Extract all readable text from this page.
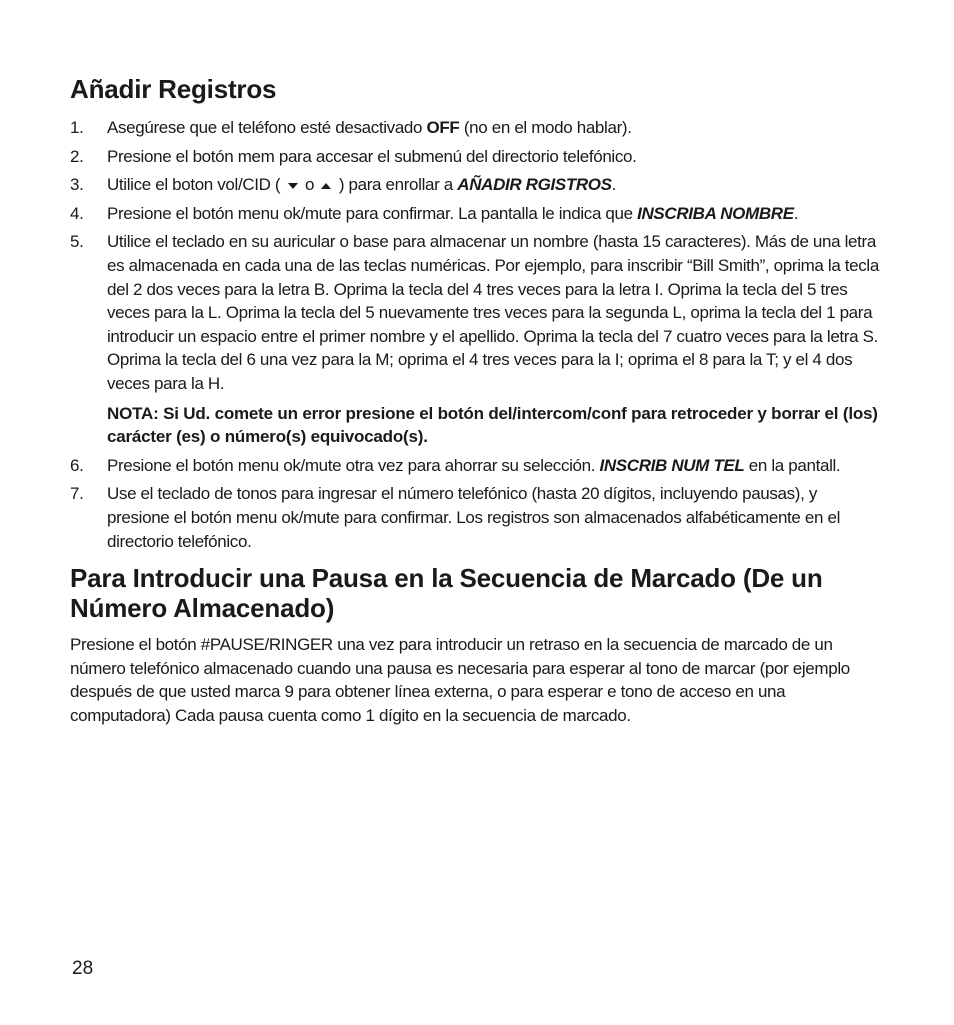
Añadir Registros
1. Asegúrese que el teléfono esté desactivado OFF (no en el modo hablar).
2. Presione el botón mem para accesar el submenú del directorio telefónico.
3. Utilice el boton vol/CID (  o  ) para enrollar a AÑADIR RGISTROS.
4. Presione el botón menu ok/mute para confirmar. La pantalla le indica que INSCRIBA NOMBRE.
5. Utilice el teclado en su auricular o base para almacenar un nombre (hasta 15 caracteres). Más de una letra es almacenada en cada una de las teclas numéricas. Por ejemplo, para inscribir “Bill Smith”, oprima la tecla del 2 dos veces para la letra B. Oprima la tecla del 4 tres veces para la letra I. Oprima la tecla del 5 tres veces para la L. Oprima la tecla del 5 nuevamente tres veces para la segunda L, oprima la tecla del 1 para introducir un espacio entre el primer nombre y el apellido. Oprima la tecla del 7 cuatro veces para la letra S. Oprima la tecla del 6 una vez para la M; oprima el 4 tres veces para la I; oprima el 8 para la T; y el 4 dos veces para la H.
NOTA: Si Ud. comete un error presione el botón del/intercom/conf para retroceder y borrar el (los) carácter (es) o número(s) equivocado(s).
6. Presione el botón menu ok/mute otra vez para ahorrar su selección. INSCRIB NUM TEL en la pantall.
7. Use el teclado de tonos para ingresar el número telefónico (hasta 20 dígitos, incluyendo pausas), y presione el botón menu ok/mute para confirmar. Los registros son almacenados alfabéticamente en el directorio telefónico.
Para Introducir una Pausa en la Secuencia de Marcado (De un Número Almacenado)

Presione el botón #PAUSE/RINGER una vez para introducir un retraso en la secuencia de marcado de un número telefónico almacenado cuando una pausa es necesaria para esperar al tono de marcar (por ejemplo después de que usted marca 9 para obtener línea externa, o para esperar e tono de acceso en una computadora) Cada pausa cuenta como 1 dígito en la secuencia de marcado.

28
